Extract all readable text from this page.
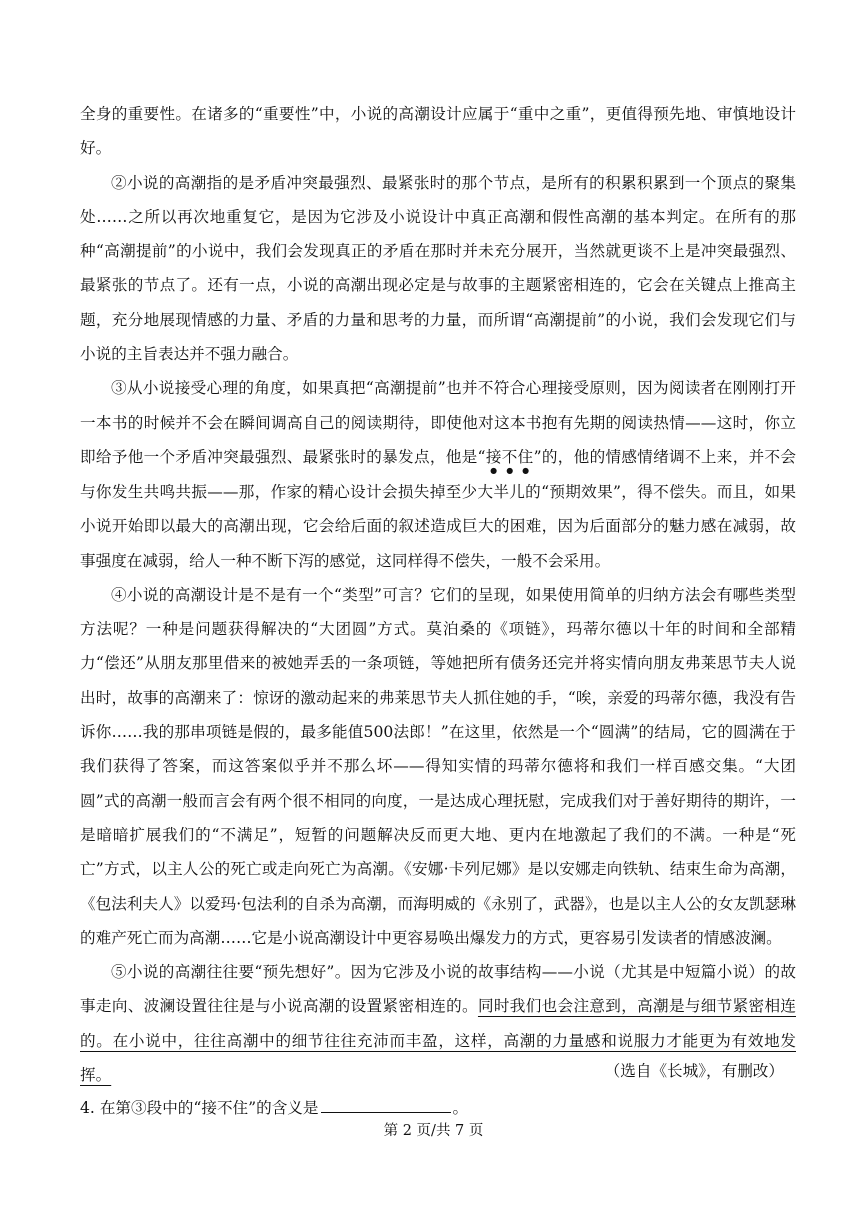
全身的重要性。在诸多的“重要性”中，小说的高潮设计应属于“重中之重”，更值得预先地、审慎地设计好。

②小说的高潮指的是矛盾冲突最强烈、最紧张时的那个节点，是所有的积累积累到一个顶点的聚集处……之所以再次地重复它，是因为它涉及小说设计中真正高潮和假性高潮的基本判定。在所有的那种“高潮提前”的小说中，我们会发现真正的矛盾在那时并未充分展开，当然就更谈不上是冲突最强烈、最紧张的节点了。还有一点，小说的高潮出现必定是与故事的主题紧密相连的，它会在关键点上推高主题，充分地展现情感的力量、矛盾的力量和思考的力量，而所谓“高潮提前”的小说，我们会发现它们与小说的主旨表达并不强力融合。

③从小说接受心理的角度，如果真把“高潮提前”也并不符合心理接受原则，因为阅读者在刚刚打开一本书的时候并不会在瞬间调高自己的阅读期待，即使他对这本书抱有先期的阅读热情——这时，你立即给予他一个矛盾冲突最强烈、最紧张时的暴发点，他是“接不住”的，他的情感情绪调不上来，并不会与你发生共鸣共振——那，作家的精心设计会损失掉至少大半儿的“预期效果”，得不偿失。而且，如果小说开始即以最大的高潮出现，它会给后面的叙述造成巨大的困难，因为后面部分的魅力感在减弱，故事强度在减弱，给人一种不断下泻的感觉，这同样得不偿失，一般不会采用。

④小说的高潮设计是不是有一个“类型”可言？它们的呈现，如果使用简单的归纳方法会有哪些类型方法呢？一种是问题获得解决的“大团圆”方式。莫泊桑的《项链》，玛蒂尔德以十年的时间和全部精力“偿还”从朋友那里借来的被她弄丢的一条项链，等她把所有债务还完并将实情向朋友弗莱思节夫人说出时，故事的高潮来了：惊讶的激动起来的弗莱思节夫人抓住她的手，“唉，亲爱的玛蒂尔德，我没有告诉你……我的那串项链是假的，最多能值500法郎！”在这里，依然是一个“圆满”的结局，它的圆满在于我们获得了答案，而这答案似乎并不那么坏——得知实情的玛蒂尔德将和我们一样百感交集。“大团圆”式的高潮一般而言会有两个很不相同的向度，一是达成心理抚慰，完成我们对于善好期待的期许，一是暗暗扩展我们的“不满足”，短暂的问题解决反而更大地、更内在地激起了我们的不满。一种是“死亡”方式，以主人公的死亡或走向死亡为高潮。《安娜·卡列尼娜》是以安娜走向铁轨、结束生命为高潮，《包法利夫人》以爱玛·包法利的自杀为高潮，而海明威的《永别了，武器》，也是以主人公的女友凯瑟琳的难产死亡而为高潮……它是小说高潮设计中更容易唤出爆发力的方式，更容易引发读者的情感波澜。

⑤小说的高潮往往要“预先想好”。因为它涉及小说的故事结构——小说（尤其是中短篇小说）的故事走向、波澜设置往往是与小说高潮的设置紧密相连的。同时我们也会注意到，高潮是与细节紧密相连的。在小说中，往往高潮中的细节往往充沛而丰盈，这样，高潮的力量感和说服力才能更为有效地发挥。	（选自《长城》，有删改）
4. 在第③段中的“接不住”的含义是	。
第 2 页/共 7 页
